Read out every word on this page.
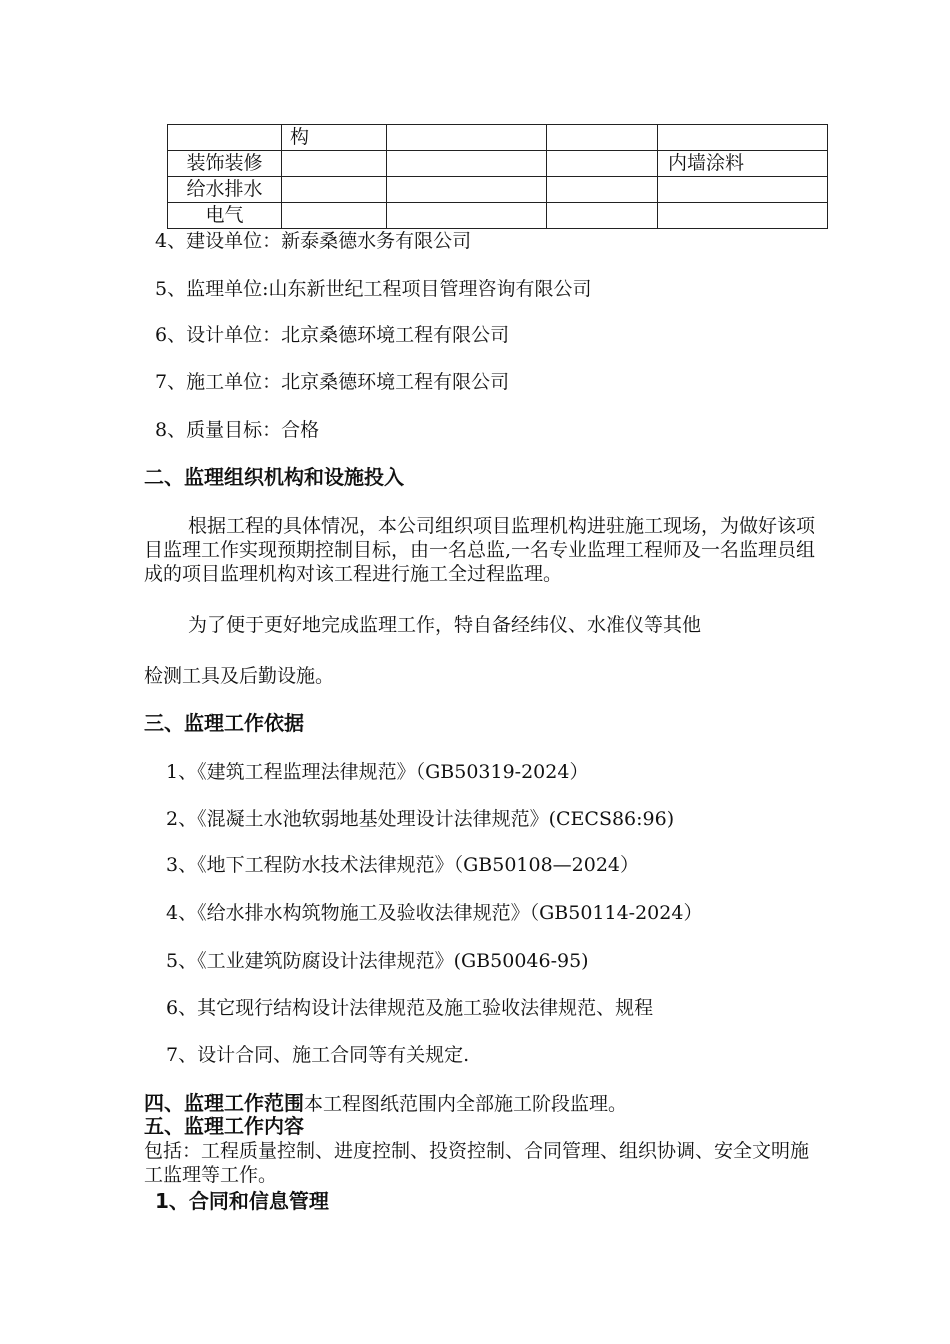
	构			
装饰装修				内墙涂料
给水排水				
电气				
4、建设单位：新泰桑德水务有限公司
5、监理单位:山东新世纪工程项目管理咨询有限公司
6、设计单位：北京桑德环境工程有限公司
7、施工单位：北京桑德环境工程有限公司
8、质量目标：合格
二、监理组织机构和设施投入
根据工程的具体情况，本公司组织项目监理机构进驻施工现场，为做好该项目监理工作实现预期控制目标，由一名总监,一名专业监理工程师及一名监理员组成的项目监理机构对该工程进行施工全过程监理。
为了便于更好地完成监理工作，特自备经纬仪、水准仪等其他
检测工具及后勤设施。
三、监理工作依据
1、《建筑工程监理法律规范》（GB50319-2024）
2、《混凝土水池软弱地基处理设计法律规范》(CECS86:96)
3、《地下工程防水技术法律规范》（GB50108—2024）
4、《给水排水构筑物施工及验收法律规范》（GB50114-2024）
5、《工业建筑防腐设计法律规范》(GB50046-95)
6、其它现行结构设计法律规范及施工验收法律规范、规程
7、设计合同、施工合同等有关规定.
四、监理工作范围本工程图纸范围内全部施工阶段监理。
五、监理工作内容
包括：工程质量控制、进度控制、投资控制、合同管理、组织协调、安全文明施工监理等工作。
1、合同和信息管理
